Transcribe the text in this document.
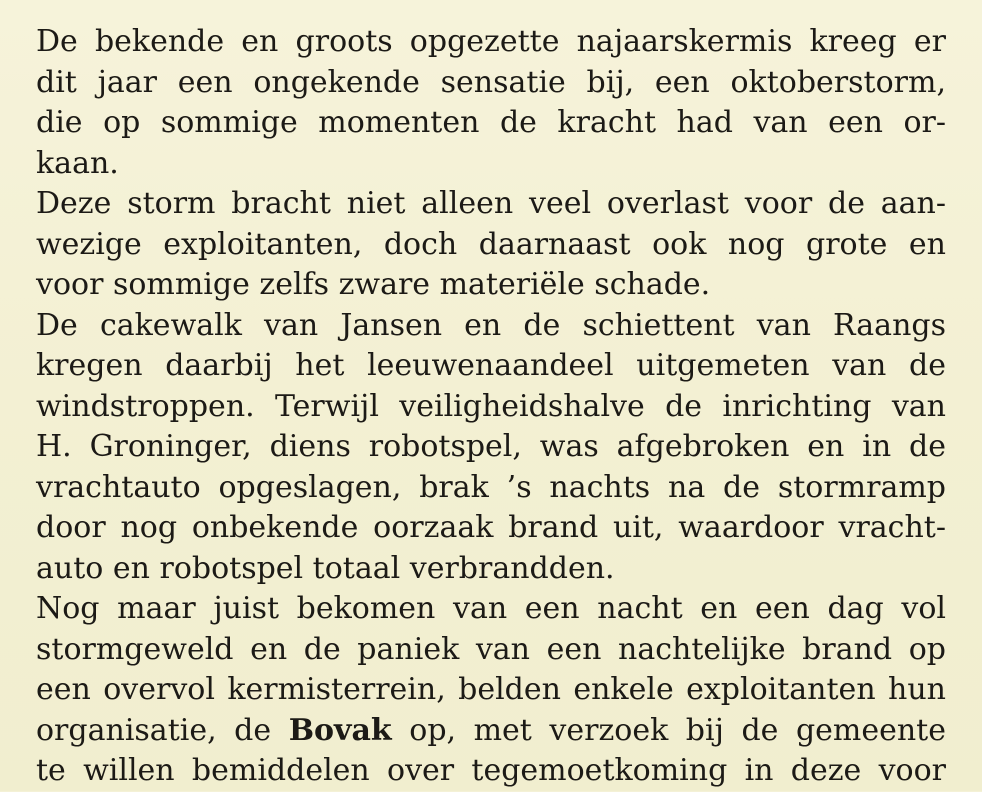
De bekende en groots opgezette najaarskermis kreeg er
dit jaar een ongekende sensatie bij, een oktoberstorm,
die op sommige momenten de kracht had van een or-
kaan.
Deze storm bracht niet alleen veel overlast voor de aan-
wezige exploitanten, doch daarnaast ook nog grote en
voor sommige zelfs zware materiële schade.
De cakewalk van Jansen en de schiettent van Raangs
kregen daarbij het leeuwenaandeel uitgemeten van de
windstroppen. Terwijl veiligheidshalve de inrichting van
H. Groninger, diens robotspel, was afgebroken en in de
vrachtauto opgeslagen, brak ’s nachts na de stormramp
door nog onbekende oorzaak brand uit, waardoor vracht-
auto en robotspel totaal verbrandden.
Nog maar juist bekomen van een nacht en een dag vol
stormgeweld en de paniek van een nachtelijke brand op
een overvol kermisterrein, belden enkele exploitanten hun
organisatie, de Bovak op, met verzoek bij de gemeente
te willen bemiddelen over tegemoetkoming in deze voor
